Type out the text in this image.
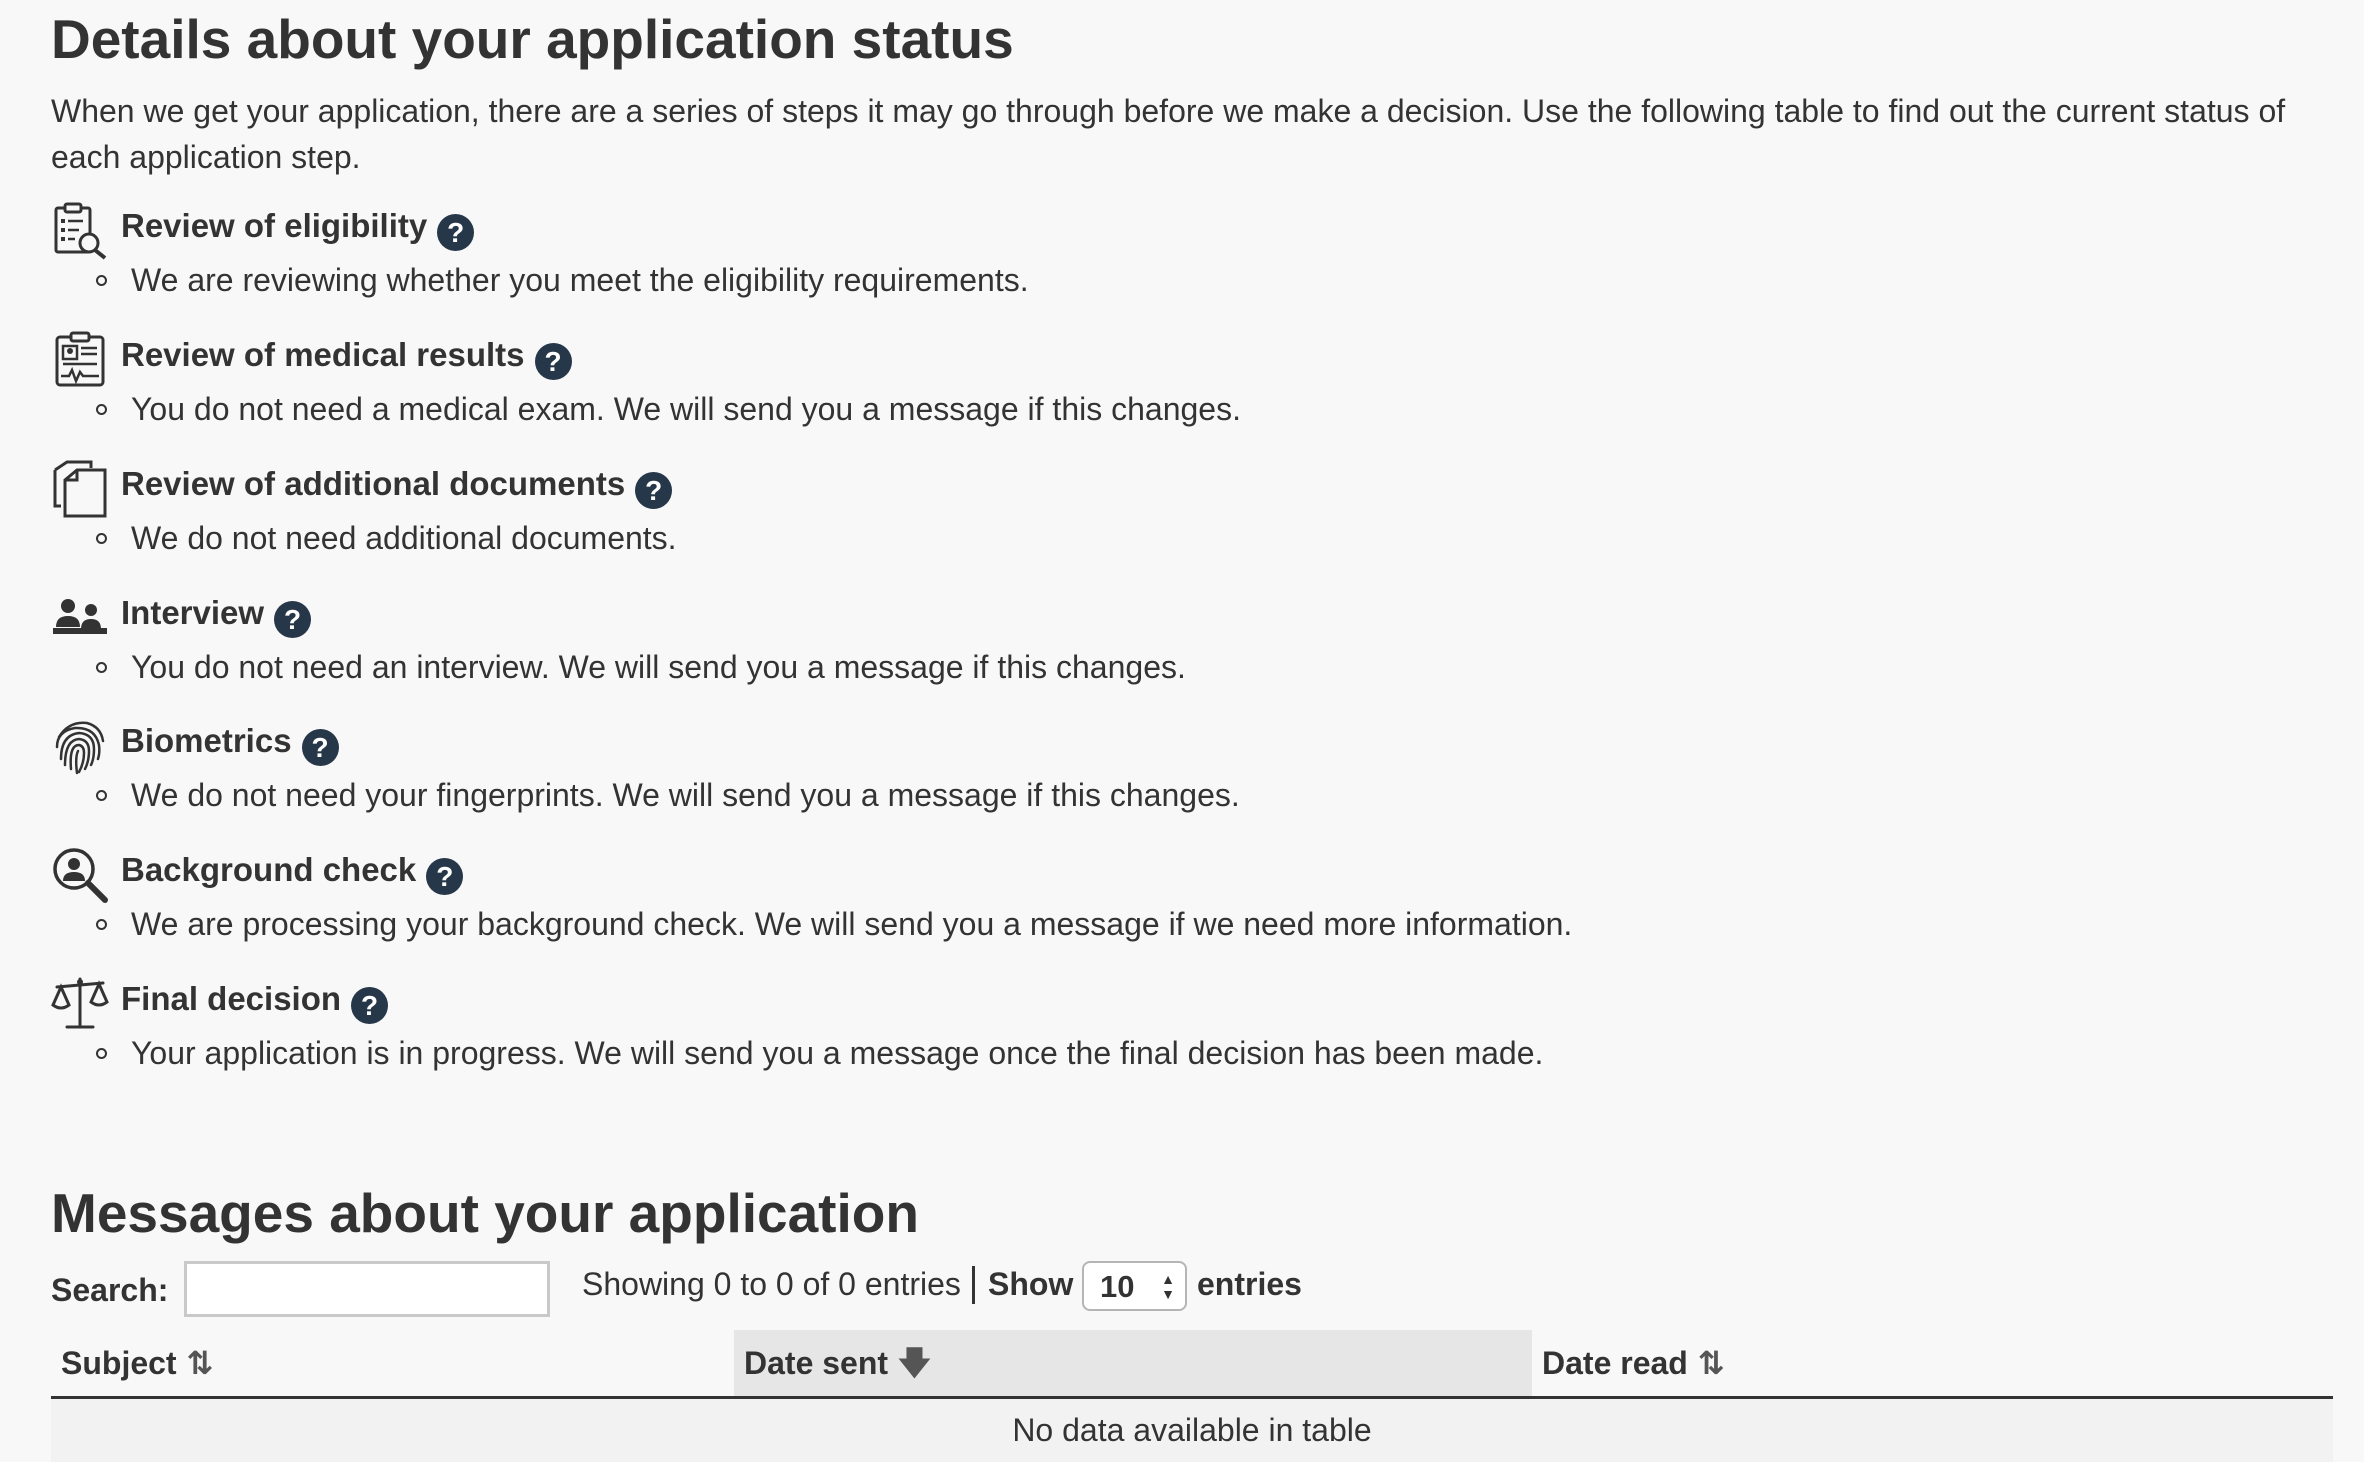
Details about your application status

When we get your application, there are a series of steps it may go through before we make a decision. Use the following table to find out the current status of each application step.

Review of eligibility ?
We are reviewing whether you meet the eligibility requirements.
Review of medical results ?
You do not need a medical exam. We will send you a message if this changes.
Review of additional documents ?
We do not need additional documents.
Interview ?
You do not need an interview. We will send you a message if this changes.
Biometrics ?
We do not need your fingerprints. We will send you a message if this changes.
Background check ?
We are processing your background check. We will send you a message if we need more information.
Final decision ?
Your application is in progress. We will send you a message once the final decision has been made.
Messages about your application
Search:	Showing 0 to 0 of 0 entries Show 10 ▲
▼ entries
Subject ⇅	Date sent 🡇	Date read ⇅
No data available in table
